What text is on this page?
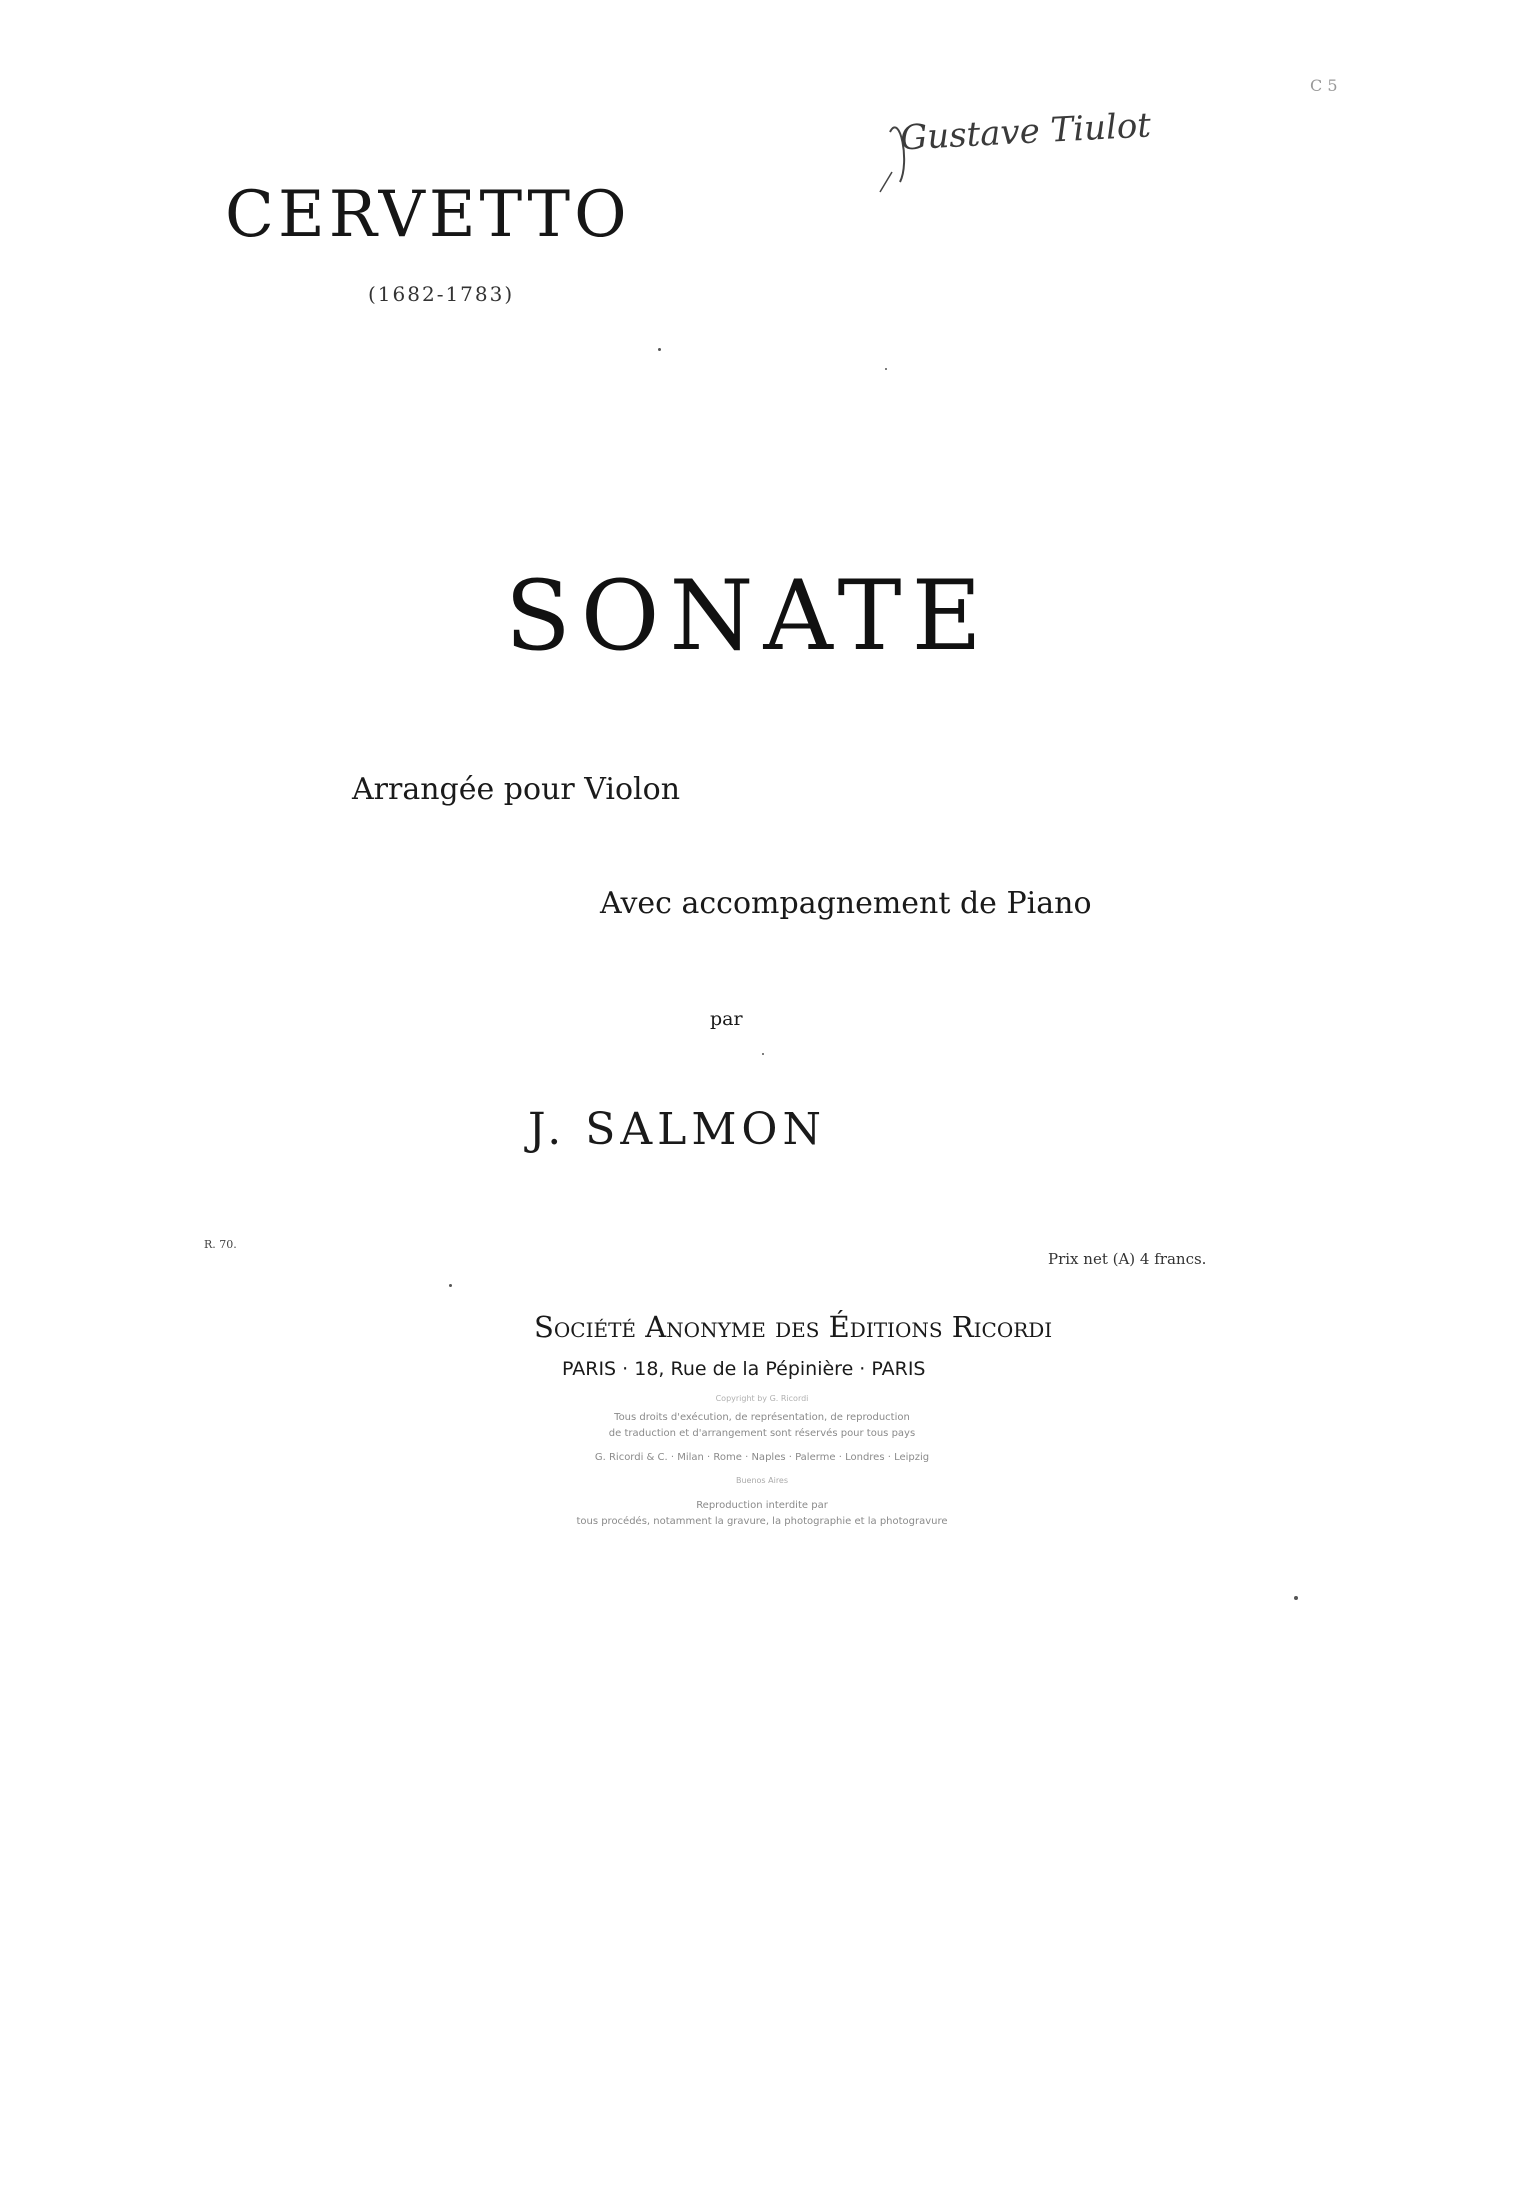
CERVETTO
(1682-1783)
Gustave Tiulot
C 5
SONATE
Arrangée pour Violon
Avec accompagnement de Piano
par
J. SALMON
R. 70.
Prix net (A) 4 francs.
Société Anonyme des Éditions Ricordi
PARIS · 18, Rue de la Pépinière · PARIS
Copyright by G. Ricordi
Tous droits d'exécution, de représentation, de reproduction
de traduction et d'arrangement sont réservés pour tous pays
G. Ricordi & C. · Milan · Rome · Naples · Palerme · Londres · Leipzig
Buenos Aires
Reproduction interdite par
tous procédés, notamment la gravure, la photographie et la photogravure
